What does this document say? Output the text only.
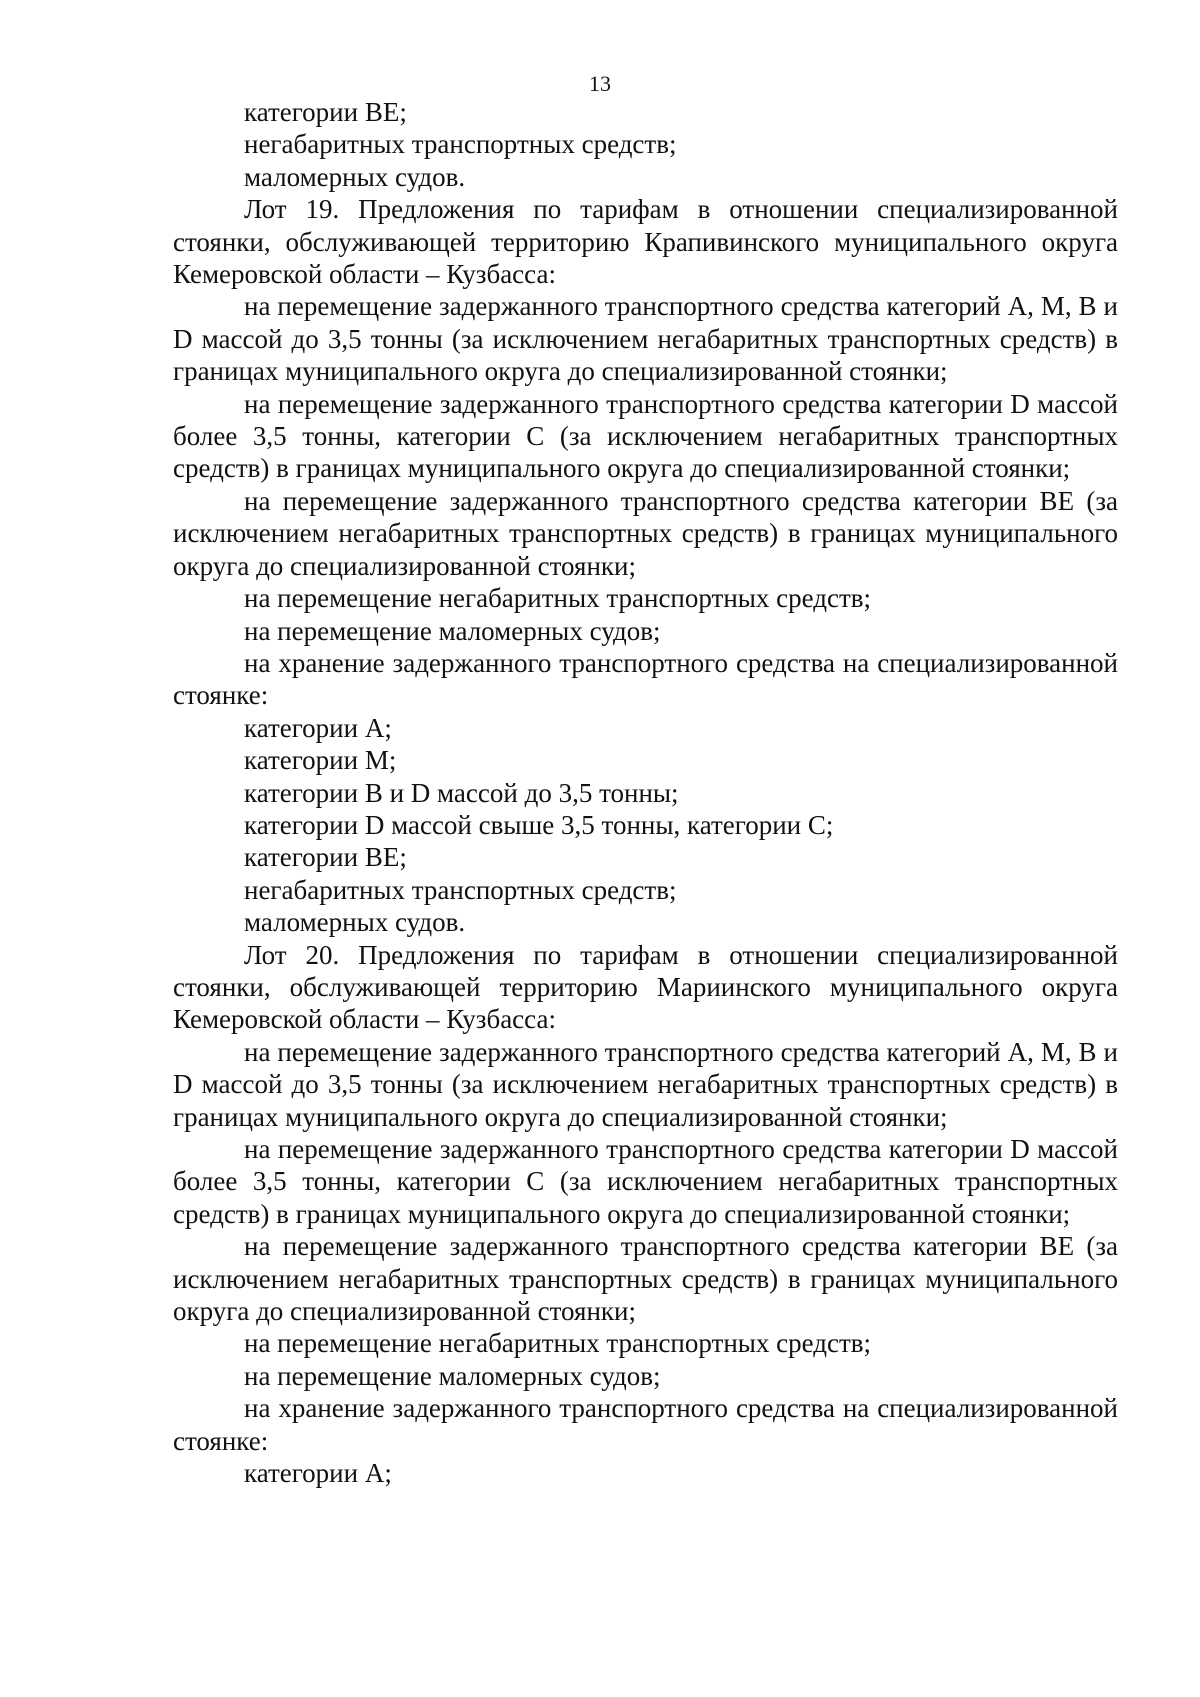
13

категории ВЕ;

негабаритных транспортных средств;

маломерных судов.

Лот 19. Предложения по тарифам в отношении специализированной стоянки, обслуживающей территорию Крапивинского муниципального округа Кемеровской области – Кузбасса:

на перемещение задержанного транспортного средства категорий A, M, B и D массой до 3,5 тонны (за исключением негабаритных транспортных средств) в границах муниципального округа до специализированной стоянки;

на перемещение задержанного транспортного средства категории D массой более 3,5 тонны, категории C (за исключением негабаритных транспортных средств) в границах муниципального округа до специализированной стоянки;

на перемещение задержанного транспортного средства категории BE (за исключением негабаритных транспортных средств) в границах муниципального округа до специализированной стоянки;

на перемещение негабаритных транспортных средств;

на перемещение маломерных судов;

на хранение задержанного транспортного средства на специализированной стоянке:

категории A;

категории M;

категории B и D массой до 3,5 тонны;

категории D массой свыше 3,5 тонны, категории C;

категории BE;

негабаритных транспортных средств;

маломерных судов.

Лот 20. Предложения по тарифам в отношении специализированной стоянки, обслуживающей территорию Мариинского муниципального округа Кемеровской области – Кузбасса:

на перемещение задержанного транспортного средства категорий A, M, B и D массой до 3,5 тонны (за исключением негабаритных транспортных средств) в границах муниципального округа до специализированной стоянки;

на перемещение задержанного транспортного средства категории D массой более 3,5 тонны, категории C (за исключением негабаритных транспортных средств) в границах муниципального округа до специализированной стоянки;

на перемещение задержанного транспортного средства категории BE (за исключением негабаритных транспортных средств) в границах муниципального округа до специализированной стоянки;

на перемещение негабаритных транспортных средств;

на перемещение маломерных судов;

на хранение задержанного транспортного средства на специализированной стоянке:

категории A;
